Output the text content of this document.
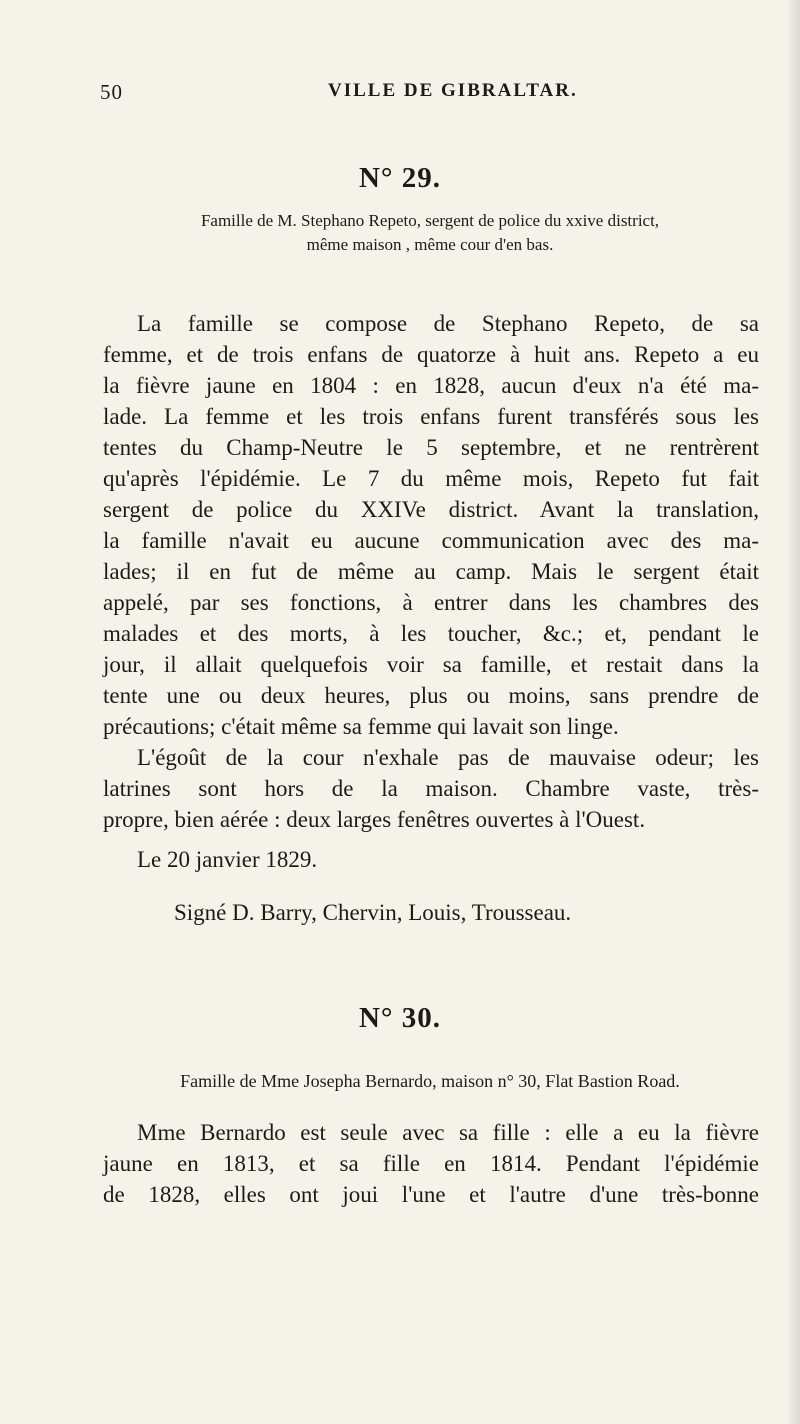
50	VILLE DE GIBRALTAR.
N° 29.
Famille de M. Stephano Repeto, sergent de police du xxive district,
même maison , même cour d'en bas.
La famille se compose de Stephano Repeto, de sa
femme, et de trois enfans de quatorze à huit ans. Repeto a eu
la fièvre jaune en 1804 : en 1828, aucun d'eux n'a été ma-
lade. La femme et les trois enfans furent transférés sous les
tentes du Champ-Neutre le 5 septembre, et ne rentrèrent
qu'après l'épidémie. Le 7 du même mois, Repeto fut fait
sergent de police du XXIVe district. Avant la translation,
la famille n'avait eu aucune communication avec des ma-
lades; il en fut de même au camp. Mais le sergent était
appelé, par ses fonctions, à entrer dans les chambres des
malades et des morts, à les toucher, &c.; et, pendant le
jour, il allait quelquefois voir sa famille, et restait dans la
tente une ou deux heures, plus ou moins, sans prendre de
précautions; c'était même sa femme qui lavait son linge.
L'égoût de la cour n'exhale pas de mauvaise odeur; les
latrines sont hors de la maison. Chambre vaste, très-
propre, bien aérée : deux larges fenêtres ouvertes à l'Ouest.
Le 20 janvier 1829.
Signé D. Barry, Chervin, Louis, Trousseau.
N° 30.
Famille de Mme Josepha Bernardo, maison n° 30, Flat Bastion Road.
Mme Bernardo est seule avec sa fille : elle a eu la fièvre
jaune en 1813, et sa fille en 1814. Pendant l'épidémie
de 1828, elles ont joui l'une et l'autre d'une très-bonne
